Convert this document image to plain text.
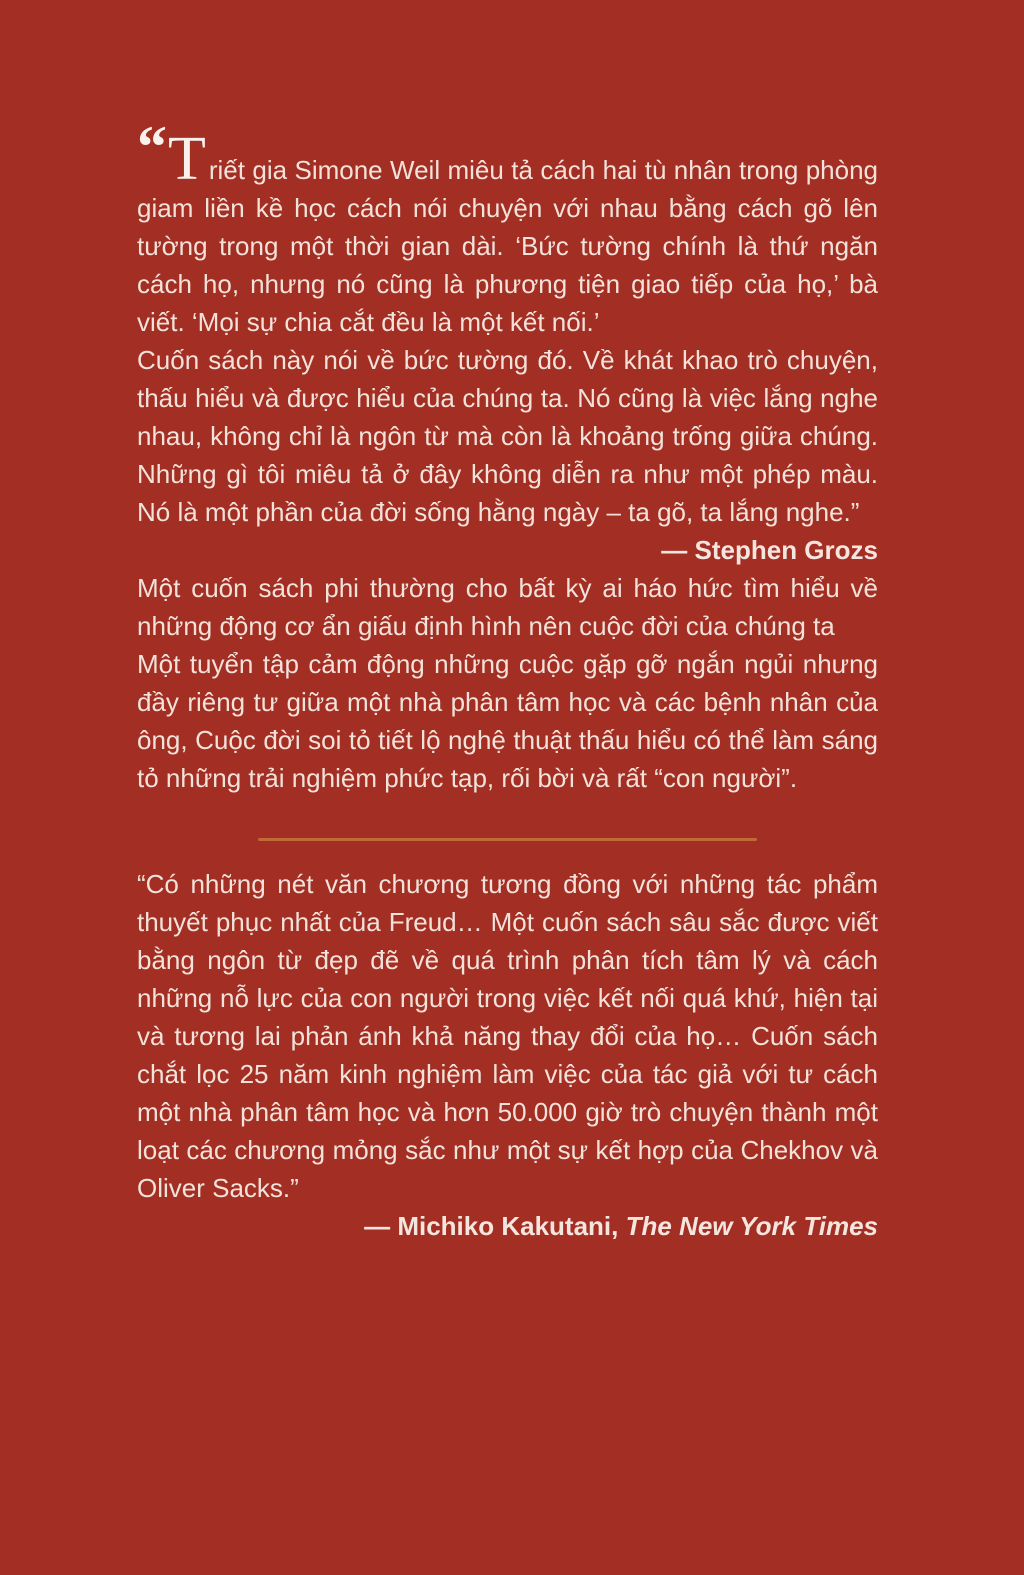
“T riết gia Simone Weil miêu tả cách hai tù nhân trong phòng giam liền kề học cách nói chuyện với nhau bằng cách gõ lên tường trong một thời gian dài. ‘Bức tường chính là thứ ngăn cách họ, nhưng nó cũng là phương tiện giao tiếp của họ,’ bà viết. ‘Mọi sự chia cắt đều là một kết nối.’

Cuốn sách này nói về bức tường đó. Về khát khao trò chuyện, thấu hiểu và được hiểu của chúng ta. Nó cũng là việc lắng nghe nhau, không chỉ là ngôn từ mà còn là khoảng trống giữa chúng. Những gì tôi miêu tả ở đây không diễn ra như một phép màu. Nó là một phần của đời sống hằng ngày – ta gõ, ta lắng nghe.”

— Stephen Grozs

Một cuốn sách phi thường cho bất kỳ ai háo hức tìm hiểu về những động cơ ẩn giấu định hình nên cuộc đời của chúng ta

Một tuyển tập cảm động những cuộc gặp gỡ ngắn ngủi nhưng đầy riêng tư giữa một nhà phân tâm học và các bệnh nhân của ông, Cuộc đời soi tỏ tiết lộ nghệ thuật thấu hiểu có thể làm sáng tỏ những trải nghiệm phức tạp, rối bời và rất “con người”.

“Có những nét văn chương tương đồng với những tác phẩm thuyết phục nhất của Freud… Một cuốn sách sâu sắc được viết bằng ngôn từ đẹp đẽ về quá trình phân tích tâm lý và cách những nỗ lực của con người trong việc kết nối quá khứ, hiện tại và tương lai phản ánh khả năng thay đổi của họ… Cuốn sách chắt lọc 25 năm kinh nghiệm làm việc của tác giả với tư cách một nhà phân tâm học và hơn 50.000 giờ trò chuyện thành một loạt các chương mỏng sắc như một sự kết hợp của Chekhov và Oliver Sacks.”

— Michiko Kakutani, The New York Times
